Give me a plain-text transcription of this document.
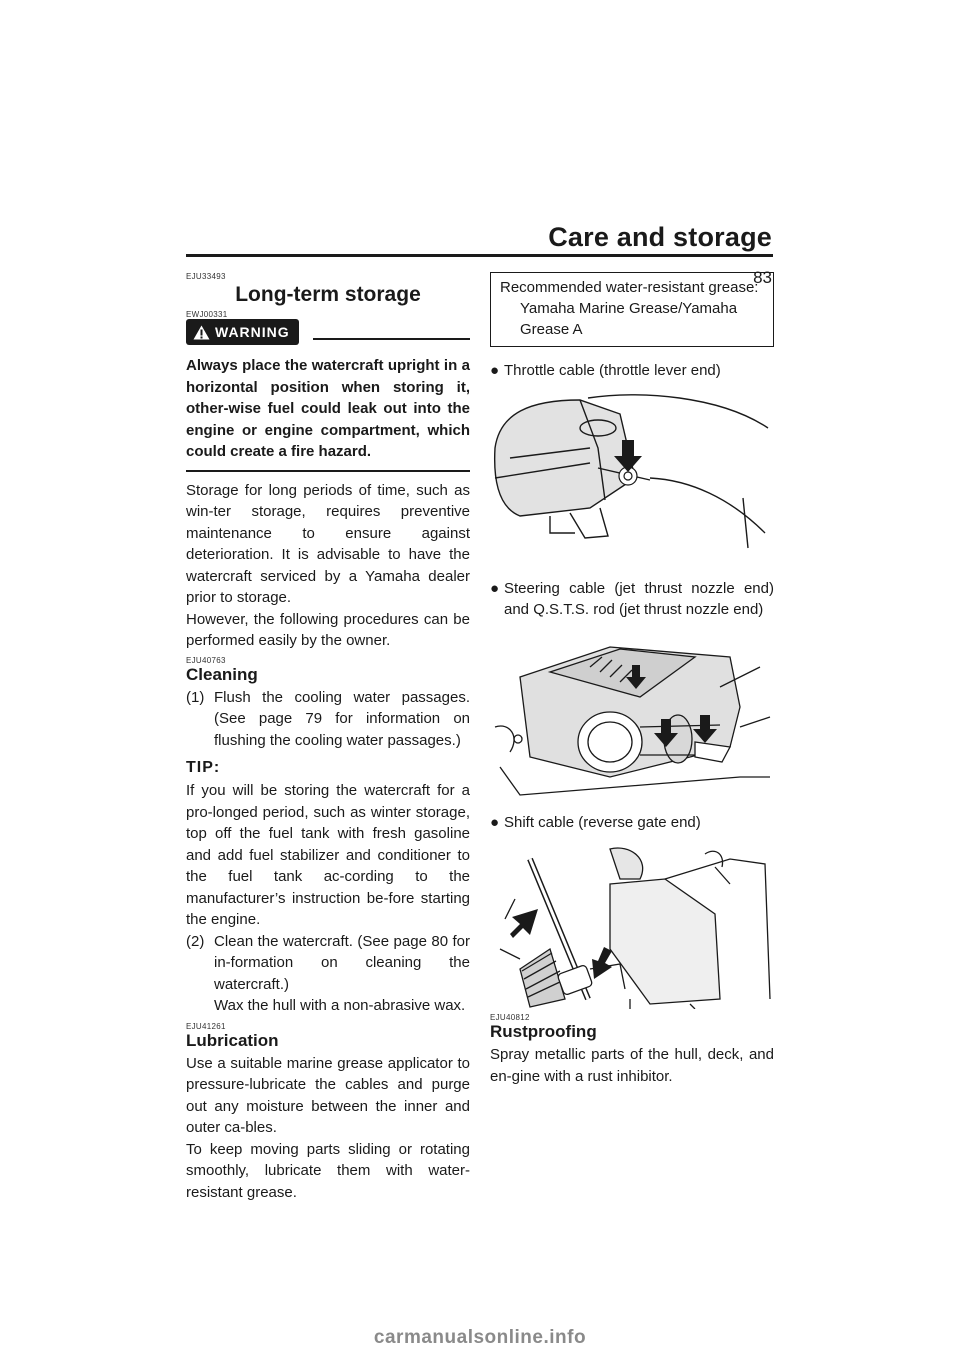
Care and storage
83
EJU33493
Long-term storage
EWJ00331
WARNING
Always place the watercraft upright in a horizontal position when storing it, other-wise fuel could leak out into the engine or engine compartment, which could create a fire hazard.

Storage for long periods of time, such as win-ter storage, requires preventive maintenance to ensure against deterioration. It is advisable to have the watercraft serviced by a Yamaha dealer prior to storage.

However, the following procedures can be performed easily by the owner.

EJU40763
Cleaning
(1) Flush the cooling water passages. (See page 79 for information on flushing the cooling water passages.)
TIP:

If you will be storing the watercraft for a pro-longed period, such as winter storage, top off the fuel tank with fresh gasoline and add fuel stabilizer and conditioner to the fuel tank ac-cording to the manufacturer’s instruction be-fore starting the engine.

(2) Clean the watercraft. (See page 80 for in-formation on cleaning the watercraft.)
Wax the hull with a non-abrasive wax.
EJU41261
Lubrication

Use a suitable marine grease applicator to pressure-lubricate the cables and purge out any moisture between the inner and outer ca-bles.

To keep moving parts sliding or rotating smoothly, lubricate them with water-resistant grease.

Recommended water-resistant grease:
Yamaha Marine Grease/Yamaha Grease A
● Throttle cable (throttle lever end)
● Steering cable (jet thrust nozzle end) and Q.S.T.S. rod (jet thrust nozzle end)
● Shift cable (reverse gate end)
EJU40812
Rustproofing

Spray metallic parts of the hull, deck, and en-gine with a rust inhibitor.

carmanualsonline.info
